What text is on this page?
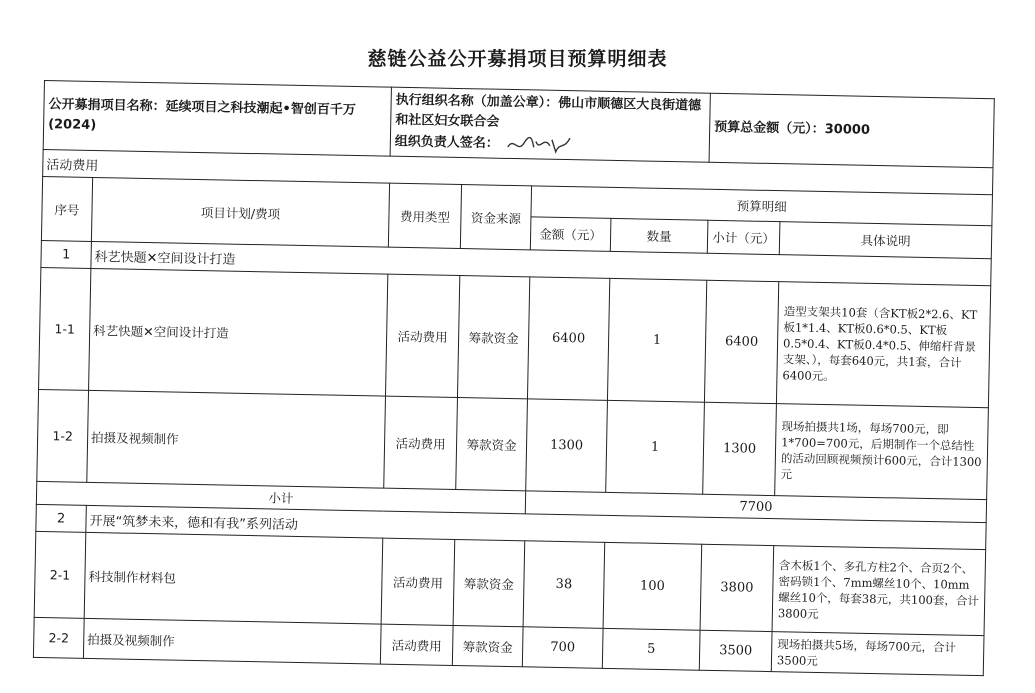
慈链公益公开募捐项目预算明细表
公开募捐项目名称：延续项目之科技潮起•智创百千万(2024)		执行组织名称（加盖公章）：佛山市顺德区大良街道德和社区妇女联合会
组织负责人签名：				预算总金额（元）：30000	
活动费用							
序号	项目计划/费项	费用类型	资金来源	预算明细			
				金额（元）	数量	小计（元）	具体说明
1	科艺快题✕空间设计打造						
1-1	科艺快题✕空间设计打造	活动费用	筹款资金	6400	1	6400	造型支架共10套（含KT板2*2.6、KT板1*1.4、KT板0.6*0.5、KT板0.5*0.4、KT板0.4*0.5、伸缩杆背景支架、），每套640元，共1套，合计6400元。
1-2	拍摄及视频制作	活动费用	筹款资金	1300	1	1300	现场拍摄共1场，每场700元，即1*700=700元，后期制作一个总结性的活动回顾视频预计600元，合计1300元
小计				7700			
2	开展“筑梦未来，德和有我”系列活动						
2-1	科技制作材料包	活动费用	筹款资金	38	100	3800	含木板1个、多孔方柱2个、合页2个、密码锁1个、7mm螺丝10个、10mm螺丝10个，每套38元，共100套，合计3800元
2-2	拍摄及视频制作	活动费用	筹款资金	700	5	3500	现场拍摄共5场，每场700元，合计3500元
